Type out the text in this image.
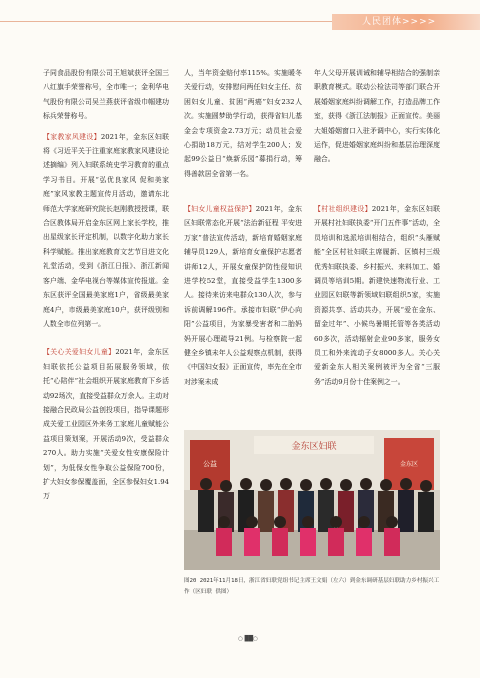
人民团体>>>>

子同食品股份有限公司王旭斌获评全国三八红旗手荣誉称号，全市唯一；金利华电气股份有限公司吴兰燕获评省级巾帼建功标兵荣誉称号。

【家教家风建设】2021年，金东区妇联将《习近平关于注重家庭家教家风建设论述摘编》列入妇联系统史学习教育的重点学习书目。开展“弘优良家风 促和美家庭”家风家教主题宣传月活动，邀请东北师范大学家庭研究院长赵刚教授授课，联合区教体局开启金东区网上家长学校，推出星级家长评定机制，以数字化助力家长科学赋能。推出家庭教育文艺节目进文化礼堂活动，受到《浙江日报》、浙江新闻客户端、金华电视台等媒体宣传报道。金东区获评全国最美家庭1户，省级最美家庭4户，市级最美家庭10户，获评级别和人数全市位列第一。

【关心关爱妇女儿童】2021年，金东区妇联依托公益项目拓展服务领域，依托“心陪伴”社会组织开展家庭教育下乡活动92场次，直接受益群众万余人。主动对接融合民政局公益创投项目，指导课题形成关爱工业园区外来务工家庭儿童赋能公益项目策划案，开展活动9次，受益群众270人。助力实施“关爱女性安康保险计划”，为低保女性争取公益保险700份，扩大妇女参保覆盖面，全区参保妇女1.94万

人，当年资金赔付率115%。实施暖冬关爱行动，安排慰问两任妇女主任、贫困妇女儿童、贫困“两癌”妇女232人次。实施圆梦助学行动，获得省妇儿基金会专项资金2.73万元；动员社会爱心捐助18万元，结对学生200人；发起99公益日“焕新乐园”募捐行动，筹得善款居全省第一名。

【妇女儿童权益保护】2021年，金东区妇联常态化开展“法治新征程 平安进万家”普法宣传活动，新培育婚姻家庭辅导员129人，新培育女童保护志愿者讲师12人，开展女童保护防性侵知识进学校52堂，直接受益学生1300多人。接待来访来电群众130人次，参与诉前调解196件。承接市妇联“伊心向阳”公益项目，为家暴受害者和二胎妈妈开展心理疏导21例。与检察院一起健全乡镇未年人公益观察点机制，获得《中国妇女报》正面宣传，率先在全市对涉案未成

年人父母开展训诫和辅导相结合的强制亲职教育模式。联动公检法司等部门联合开展婚姻家庭纠纷调解工作，打造品牌工作室，获得《浙江法制报》正面宣传。美丽大姐婚姻窗口入驻矛调中心，实行实体化运作，促进婚姻家庭纠纷和基层治理深度融合。

【村社组织建设】2021年，金东区妇联开展村社妇联执委“开门五件事”活动，全员培训和选派培训相结合，组织“头雁赋能”全区村社妇联主席履新、区镇村三级优秀妇联执委、乡村振兴、来料加工、婚调员等培训5期。新建快速物流行业、工业园区妇联等新领域妇联组织5家，实施资源共享、活动共办，开展“爱在金东、留金过年”、小候鸟暑期托管等各类活动60多次，活动辐射企业90多家，服务女员工和外来流动子女8000多人。关心关爱新金东人相关案例被评为全省“三服务”活动9月份十佳案例之一。

金东区妇联
公益	金东区
图20 2021年11月18日，浙江省妇联党组书记主席王文娟（左六）到金东调研基层妇联助力乡村振兴工作（区妇联 供图）
○ ██○
